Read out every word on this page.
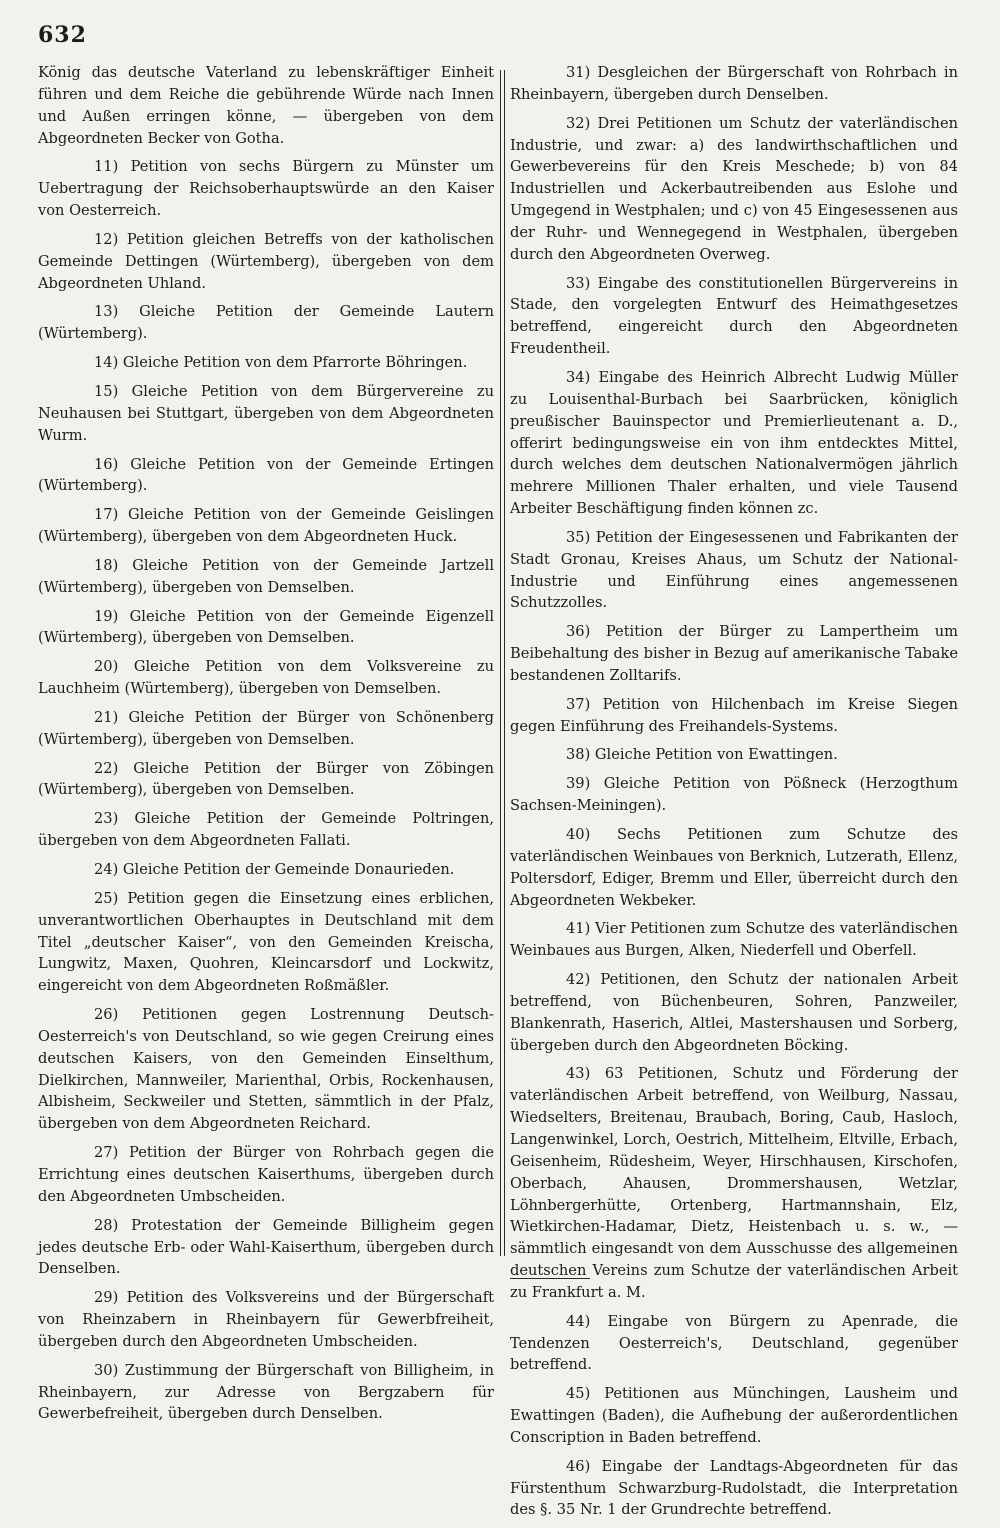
632

König das deutsche Vaterland zu lebenskräftiger Einheit führen und dem Reiche die gebührende Würde nach Innen und Außen erringen könne, — übergeben von dem Abgeordneten Becker von Gotha.

11) Petition von sechs Bürgern zu Münster um Uebertragung der Reichsoberhauptswürde an den Kaiser von Oesterreich.

12) Petition gleichen Betreffs von der katholischen Gemeinde Dettingen (Würtemberg), übergeben von dem Abgeordneten Uhland.

13) Gleiche Petition der Gemeinde Lautern (Würtemberg).

14) Gleiche Petition von dem Pfarrorte Böhringen.

15) Gleiche Petition von dem Bürgervereine zu Neuhausen bei Stuttgart, übergeben von dem Abgeordneten Wurm.

16) Gleiche Petition von der Gemeinde Ertingen (Würtemberg).

17) Gleiche Petition von der Gemeinde Geislingen (Würtemberg), übergeben von dem Abgeordneten Huck.

18) Gleiche Petition von der Gemeinde Jartzell (Würtemberg), übergeben von Demselben.

19) Gleiche Petition von der Gemeinde Eigenzell (Würtemberg), übergeben von Demselben.

20) Gleiche Petition von dem Volksvereine zu Lauchheim (Würtemberg), übergeben von Demselben.

21) Gleiche Petition der Bürger von Schönenberg (Würtemberg), übergeben von Demselben.

22) Gleiche Petition der Bürger von Zöbingen (Würtemberg), übergeben von Demselben.

23) Gleiche Petition der Gemeinde Poltringen, übergeben von dem Abgeordneten Fallati.

24) Gleiche Petition der Gemeinde Donaurieden.

25) Petition gegen die Einsetzung eines erblichen, unverantwortlichen Oberhauptes in Deutschland mit dem Titel „deutscher Kaiser“, von den Gemeinden Kreischa, Lungwitz, Maxen, Quohren, Kleincarsdorf und Lockwitz, eingereicht von dem Abgeordneten Roßmäßler.

26) Petitionen gegen Lostrennung Deutsch-Oesterreich's von Deutschland, so wie gegen Creirung eines deutschen Kaisers, von den Gemeinden Einselthum, Dielkirchen, Mannweiler, Marienthal, Orbis, Rockenhausen, Albisheim, Seckweiler und Stetten, sämmtlich in der Pfalz, übergeben von dem Abgeordneten Reichard.

27) Petition der Bürger von Rohrbach gegen die Errichtung eines deutschen Kaiserthums, übergeben durch den Abgeordneten Umbscheiden.

28) Protestation der Gemeinde Billigheim gegen jedes deutsche Erb- oder Wahl-Kaiserthum, übergeben durch Denselben.

29) Petition des Volksvereins und der Bürgerschaft von Rheinzabern in Rheinbayern für Gewerbfreiheit, übergeben durch den Abgeordneten Umbscheiden.

30) Zustimmung der Bürgerschaft von Billigheim, in Rheinbayern, zur Adresse von Bergzabern für Gewerbefreiheit, übergeben durch Denselben.

31) Desgleichen der Bürgerschaft von Rohrbach in Rheinbayern, übergeben durch Denselben.

32) Drei Petitionen um Schutz der vaterländischen Industrie, und zwar: a) des landwirthschaftlichen und Gewerbevereins für den Kreis Meschede; b) von 84 Industriellen und Ackerbautreibenden aus Eslohe und Umgegend in Westphalen; und c) von 45 Eingesessenen aus der Ruhr- und Wennegegend in Westphalen, übergeben durch den Abgeordneten Overweg.

33) Eingabe des constitutionellen Bürgervereins in Stade, den vorgelegten Entwurf des Heimathgesetzes betreffend, eingereicht durch den Abgeordneten Freudentheil.

34) Eingabe des Heinrich Albrecht Ludwig Müller zu Louisenthal-Burbach bei Saarbrücken, königlich preußischer Bauinspector und Premierlieutenant a. D., offerirt bedingungsweise ein von ihm entdecktes Mittel, durch welches dem deutschen Nationalvermögen jährlich mehrere Millionen Thaler erhalten, und viele Tausend Arbeiter Beschäftigung finden können zc.

35) Petition der Eingesessenen und Fabrikanten der Stadt Gronau, Kreises Ahaus, um Schutz der National-Industrie und Einführung eines angemessenen Schutzzolles.

36) Petition der Bürger zu Lampertheim um Beibehaltung des bisher in Bezug auf amerikanische Tabake bestandenen Zolltarifs.

37) Petition von Hilchenbach im Kreise Siegen gegen Einführung des Freihandels-Systems.

38) Gleiche Petition von Ewattingen.

39) Gleiche Petition von Pößneck (Herzogthum Sachsen-Meiningen).

40) Sechs Petitionen zum Schutze des vaterländischen Weinbaues von Berknich, Lutzerath, Ellenz, Poltersdorf, Ediger, Bremm und Eller, überreicht durch den Abgeordneten Wekbeker.

41) Vier Petitionen zum Schutze des vaterländischen Weinbaues aus Burgen, Alken, Niederfell und Oberfell.

42) Petitionen, den Schutz der nationalen Arbeit betreffend, von Büchenbeuren, Sohren, Panzweiler, Blankenrath, Haserich, Altlei, Mastershausen und Sorberg, übergeben durch den Abgeordneten Böcking.

43) 63 Petitionen, Schutz und Förderung der vaterländischen Arbeit betreffend, von Weilburg, Nassau, Wiedselters, Breitenau, Braubach, Boring, Caub, Hasloch, Langenwinkel, Lorch, Oestrich, Mittelheim, Eltville, Erbach, Geisenheim, Rüdesheim, Weyer, Hirschhausen, Kirschofen, Oberbach, Ahausen, Drommershausen, Wetzlar, Löhnbergerhütte, Ortenberg, Hartmannshain, Elz, Wietkirchen-Hadamar, Dietz, Heistenbach u. s. w., — sämmtlich eingesandt von dem Ausschusse des allgemeinen deutschen Vereins zum Schutze der vaterländischen Arbeit zu Frankfurt a. M.

44) Eingabe von Bürgern zu Apenrade, die Tendenzen Oesterreich's, Deutschland, gegenüber betreffend.

45) Petitionen aus Münchingen, Lausheim und Ewattingen (Baden), die Aufhebung der außerordentlichen Conscription in Baden betreffend.

46) Eingabe der Landtags-Abgeordneten für das Fürstenthum Schwarzburg-Rudolstadt, die Interpretation des §. 35 Nr. 1 der Grundrechte betreffend.
